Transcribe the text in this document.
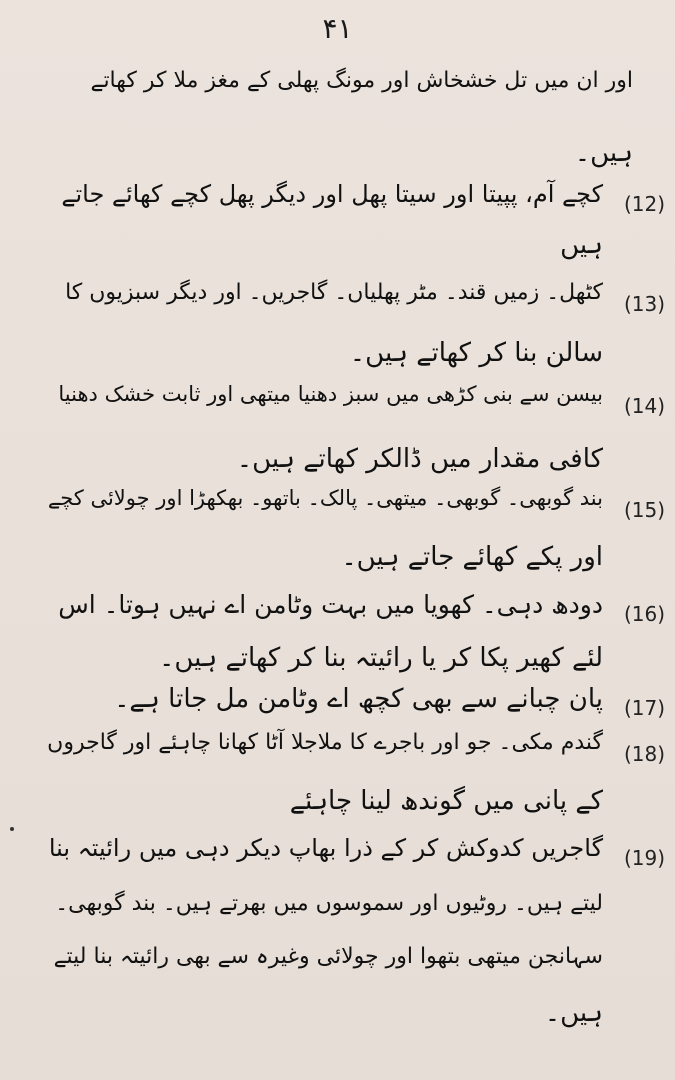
۴۱
اور ان میں تل خشخاش اور مونگ پھلی کے مغز ملا کر کھاتے
ہیں۔
(12)
کچے آم، پپیتا اور سیتا پھل اور دیگر پھل کچے کھائے جاتے
ہیں
(13)
کٹھل۔ زمیں قند۔ مٹر پھلیاں۔ گاجریں۔ اور دیگر سبزیوں کا
سالن بنا کر کھاتے ہیں۔
(14)
بیسن سے بنی کڑھی میں سبز دھنیا میتھی اور ثابت خشک دھنیا
کافی مقدار میں ڈالکر کھاتے ہیں۔
(15)
بند گوبھی۔ گوبھی۔ میتھی۔ پالک۔ باتھو۔ بھکھڑا اور چولائی کچے
اور پکے کھائے جاتے ہیں۔
(16)
دودھ دہی۔ کھویا میں بہت وٹامن اے نہیں ہوتا۔ اس
لئے کھیر پکا کر یا رائیتہ بنا کر کھاتے ہیں۔
(17)
پان چبانے سے بھی کچھ اے وٹامن مل جاتا ہے۔
(18)
گندم مکی۔ جو اور باجرے کا ملاجلا آٹا کھانا چاہئے اور گاجروں
کے پانی میں گوندھ لینا چاہئے
(19)
گاجریں کدوکش کر کے ذرا بھاپ دیکر دہی میں رائیتہ بنا
لیتے ہیں۔ روٹیوں اور سموسوں میں بھرتے ہیں۔ بند گوبھی۔
سہانجن میتھی بتھوا اور چولائی وغیرہ سے بھی رائیتہ بنا لیتے
ہیں۔
